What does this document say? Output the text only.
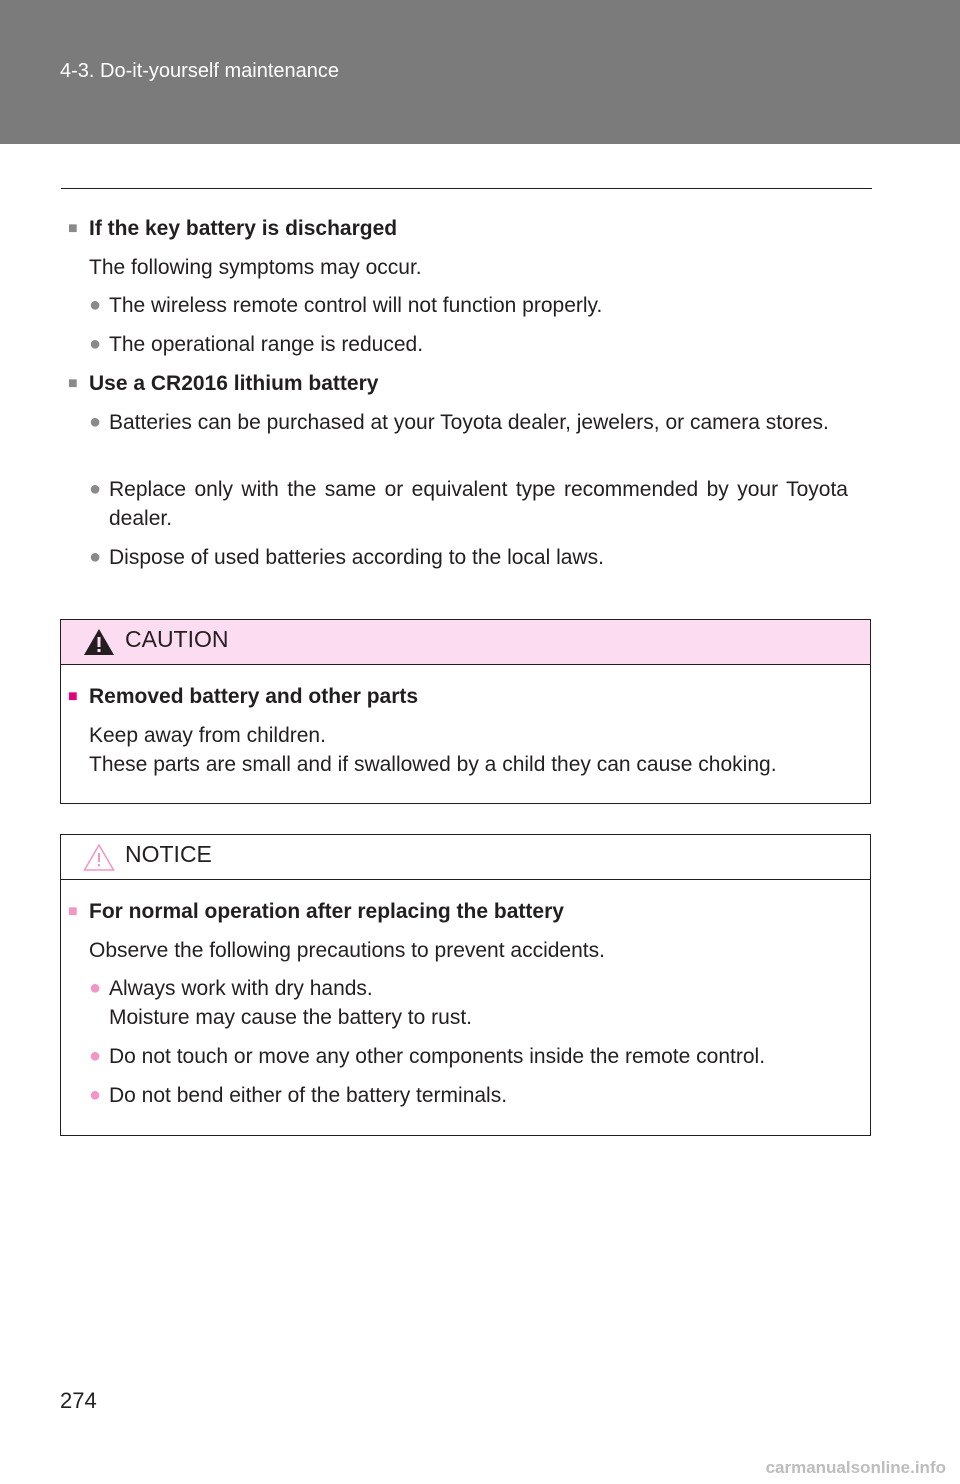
4-3. Do-it-yourself maintenance
■ If the key battery is discharged
The following symptoms may occur.
● The wireless remote control will not function properly.
● The operational range is reduced.
■ Use a CR2016 lithium battery
● Batteries can be purchased at your Toyota dealer, jewelers, or camera stores.
● Replace only with the same or equivalent type recommended by your Toyota dealer.
● Dispose of used batteries according to the local laws.
CAUTION
■ Removed battery and other parts
Keep away from children.
These parts are small and if swallowed by a child they can cause choking.
NOTICE
■ For normal operation after replacing the battery
Observe the following precautions to prevent accidents.
● Always work with dry hands.
Moisture may cause the battery to rust.
● Do not touch or move any other components inside the remote control.
● Do not bend either of the battery terminals.
274
carmanualsonline.info
